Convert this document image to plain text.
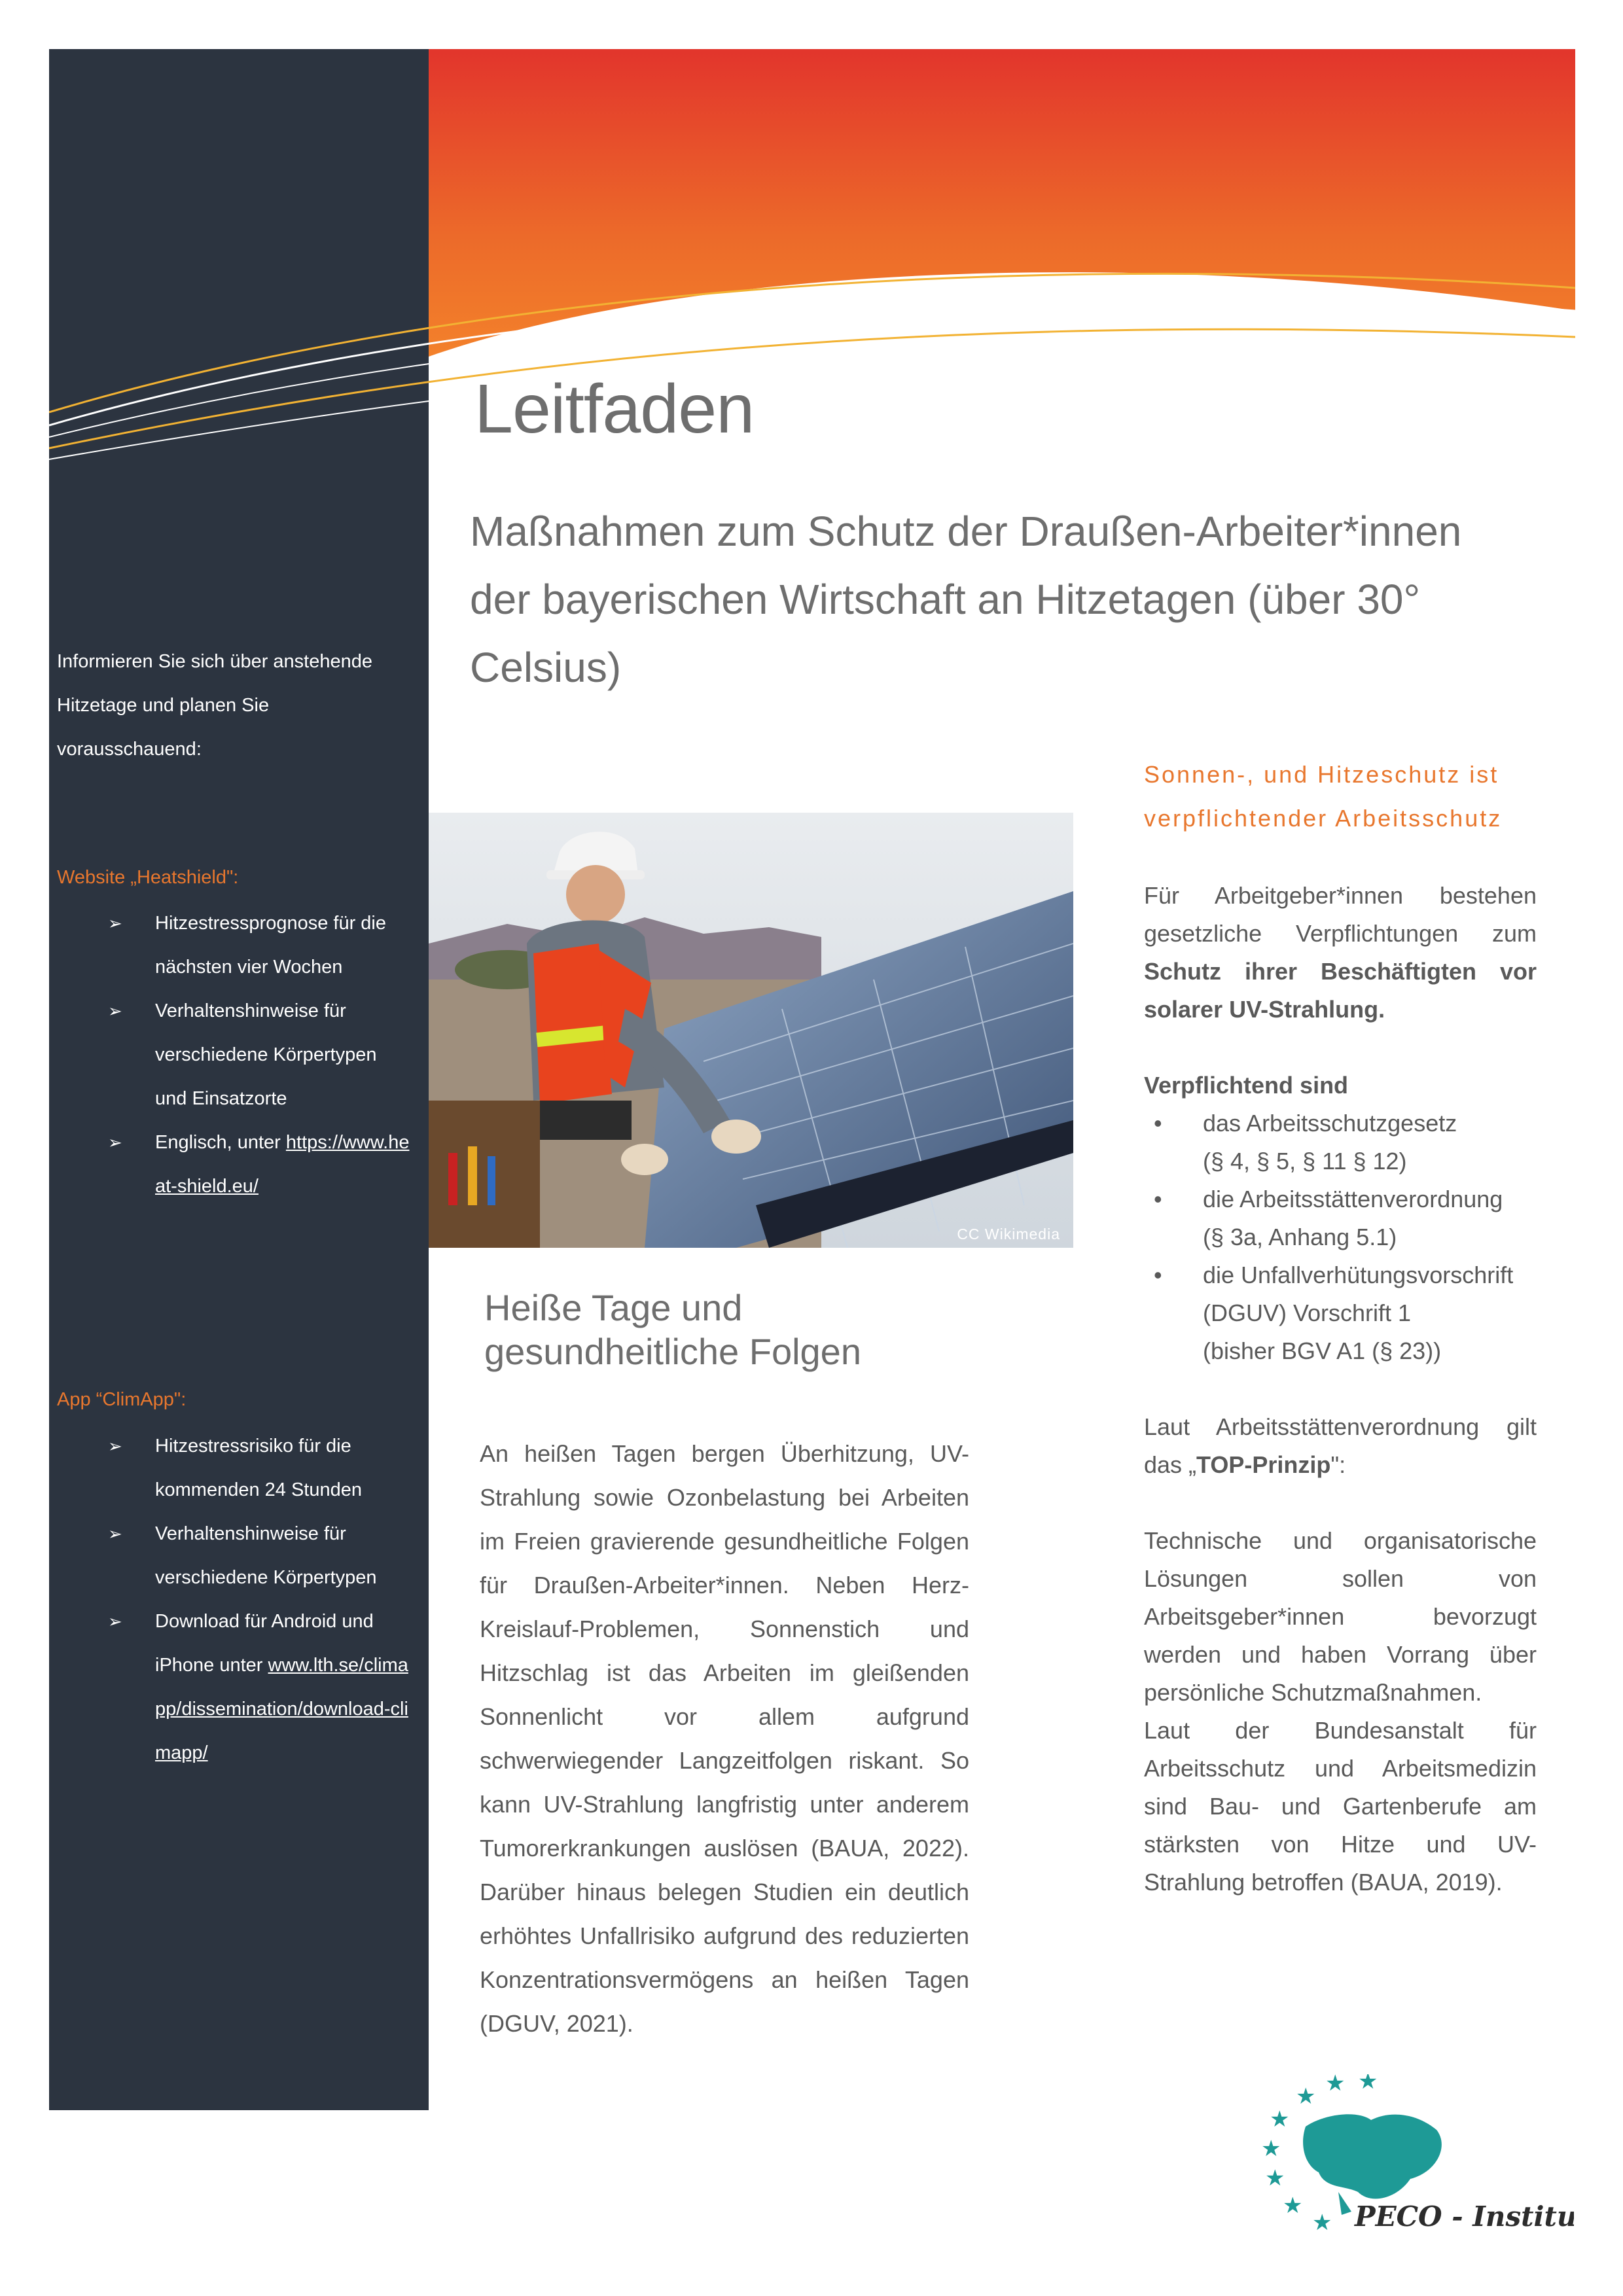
Leitfaden
Maßnahmen zum Schutz der Draußen-Arbeiter*innen der bayerischen Wirtschaft an Hitzetagen (über 30° Celsius)
Informieren Sie sich über anstehende Hitzetage und planen Sie vorausschauend:
Website „Heatshield":
➢ Hitzestressprognose für die nächsten vier Wochen
➢ Verhaltenshinweise für verschiedene Körpertypen und Einsatzorte
➢ Englisch, unter https://www.heat-shield.eu/
App “ClimApp":
➢ Hitzestressrisiko für die kommenden 24 Stunden
➢ Verhaltenshinweise für verschiedene Körpertypen
➢ Download für Android und iPhone unter www.lth.se/climapp/dissemination/download-climapp/
CC Wikimedia
Heiße Tage und
gesundheitliche Folgen

An heißen Tagen bergen Überhitzung, UV-Strahlung sowie Ozonbelastung bei Arbeiten im Freien gravierende gesundheitliche Folgen für Draußen-Arbeiter*innen. Neben Herz-Kreislauf-Problemen, Sonnenstich und Hitzschlag ist das Arbeiten im gleißenden Sonnenlicht vor allem aufgrund schwerwiegender Langzeitfolgen riskant. So kann UV-Strahlung langfristig unter anderem Tumorerkrankungen auslösen (BAUA, 2022). Darüber hinaus belegen Studien ein deutlich erhöhtes Unfallrisiko aufgrund des reduzierten Konzentrationsvermögens an heißen Tagen (DGUV, 2021).

Sonnen-, und Hitzeschutz ist verpflichtender Arbeitsschutz

Für Arbeitgeber*innen bestehen gesetzliche Verpflichtungen zum Schutz ihrer Beschäftigten vor solarer UV-Strahlung.

Verpflichtend sind

• das Arbeitsschutzgesetz
(§ 4, § 5, § 11 § 12)
• die Arbeitsstättenverordnung
(§ 3a, Anhang 5.1)
• die Unfallverhütungsvorschrift
(DGUV) Vorschrift 1
(bisher BGV A1 (§ 23))

Laut Arbeitsstättenverordnung gilt das „TOP-Prinzip":

Technische und organisatorische Lösungen sollen von Arbeitsgeber*innen bevorzugt werden und haben Vorrang über persönliche Schutzmaßnahmen.

Laut der Bundesanstalt für Arbeitsschutz und Arbeitsmedizin sind Bau- und Gartenberufe am stärksten von Hitze und UV-Strahlung betroffen (BAUA, 2019).

★ ★ ★
★
★
★
★
★ PECO - Institut
